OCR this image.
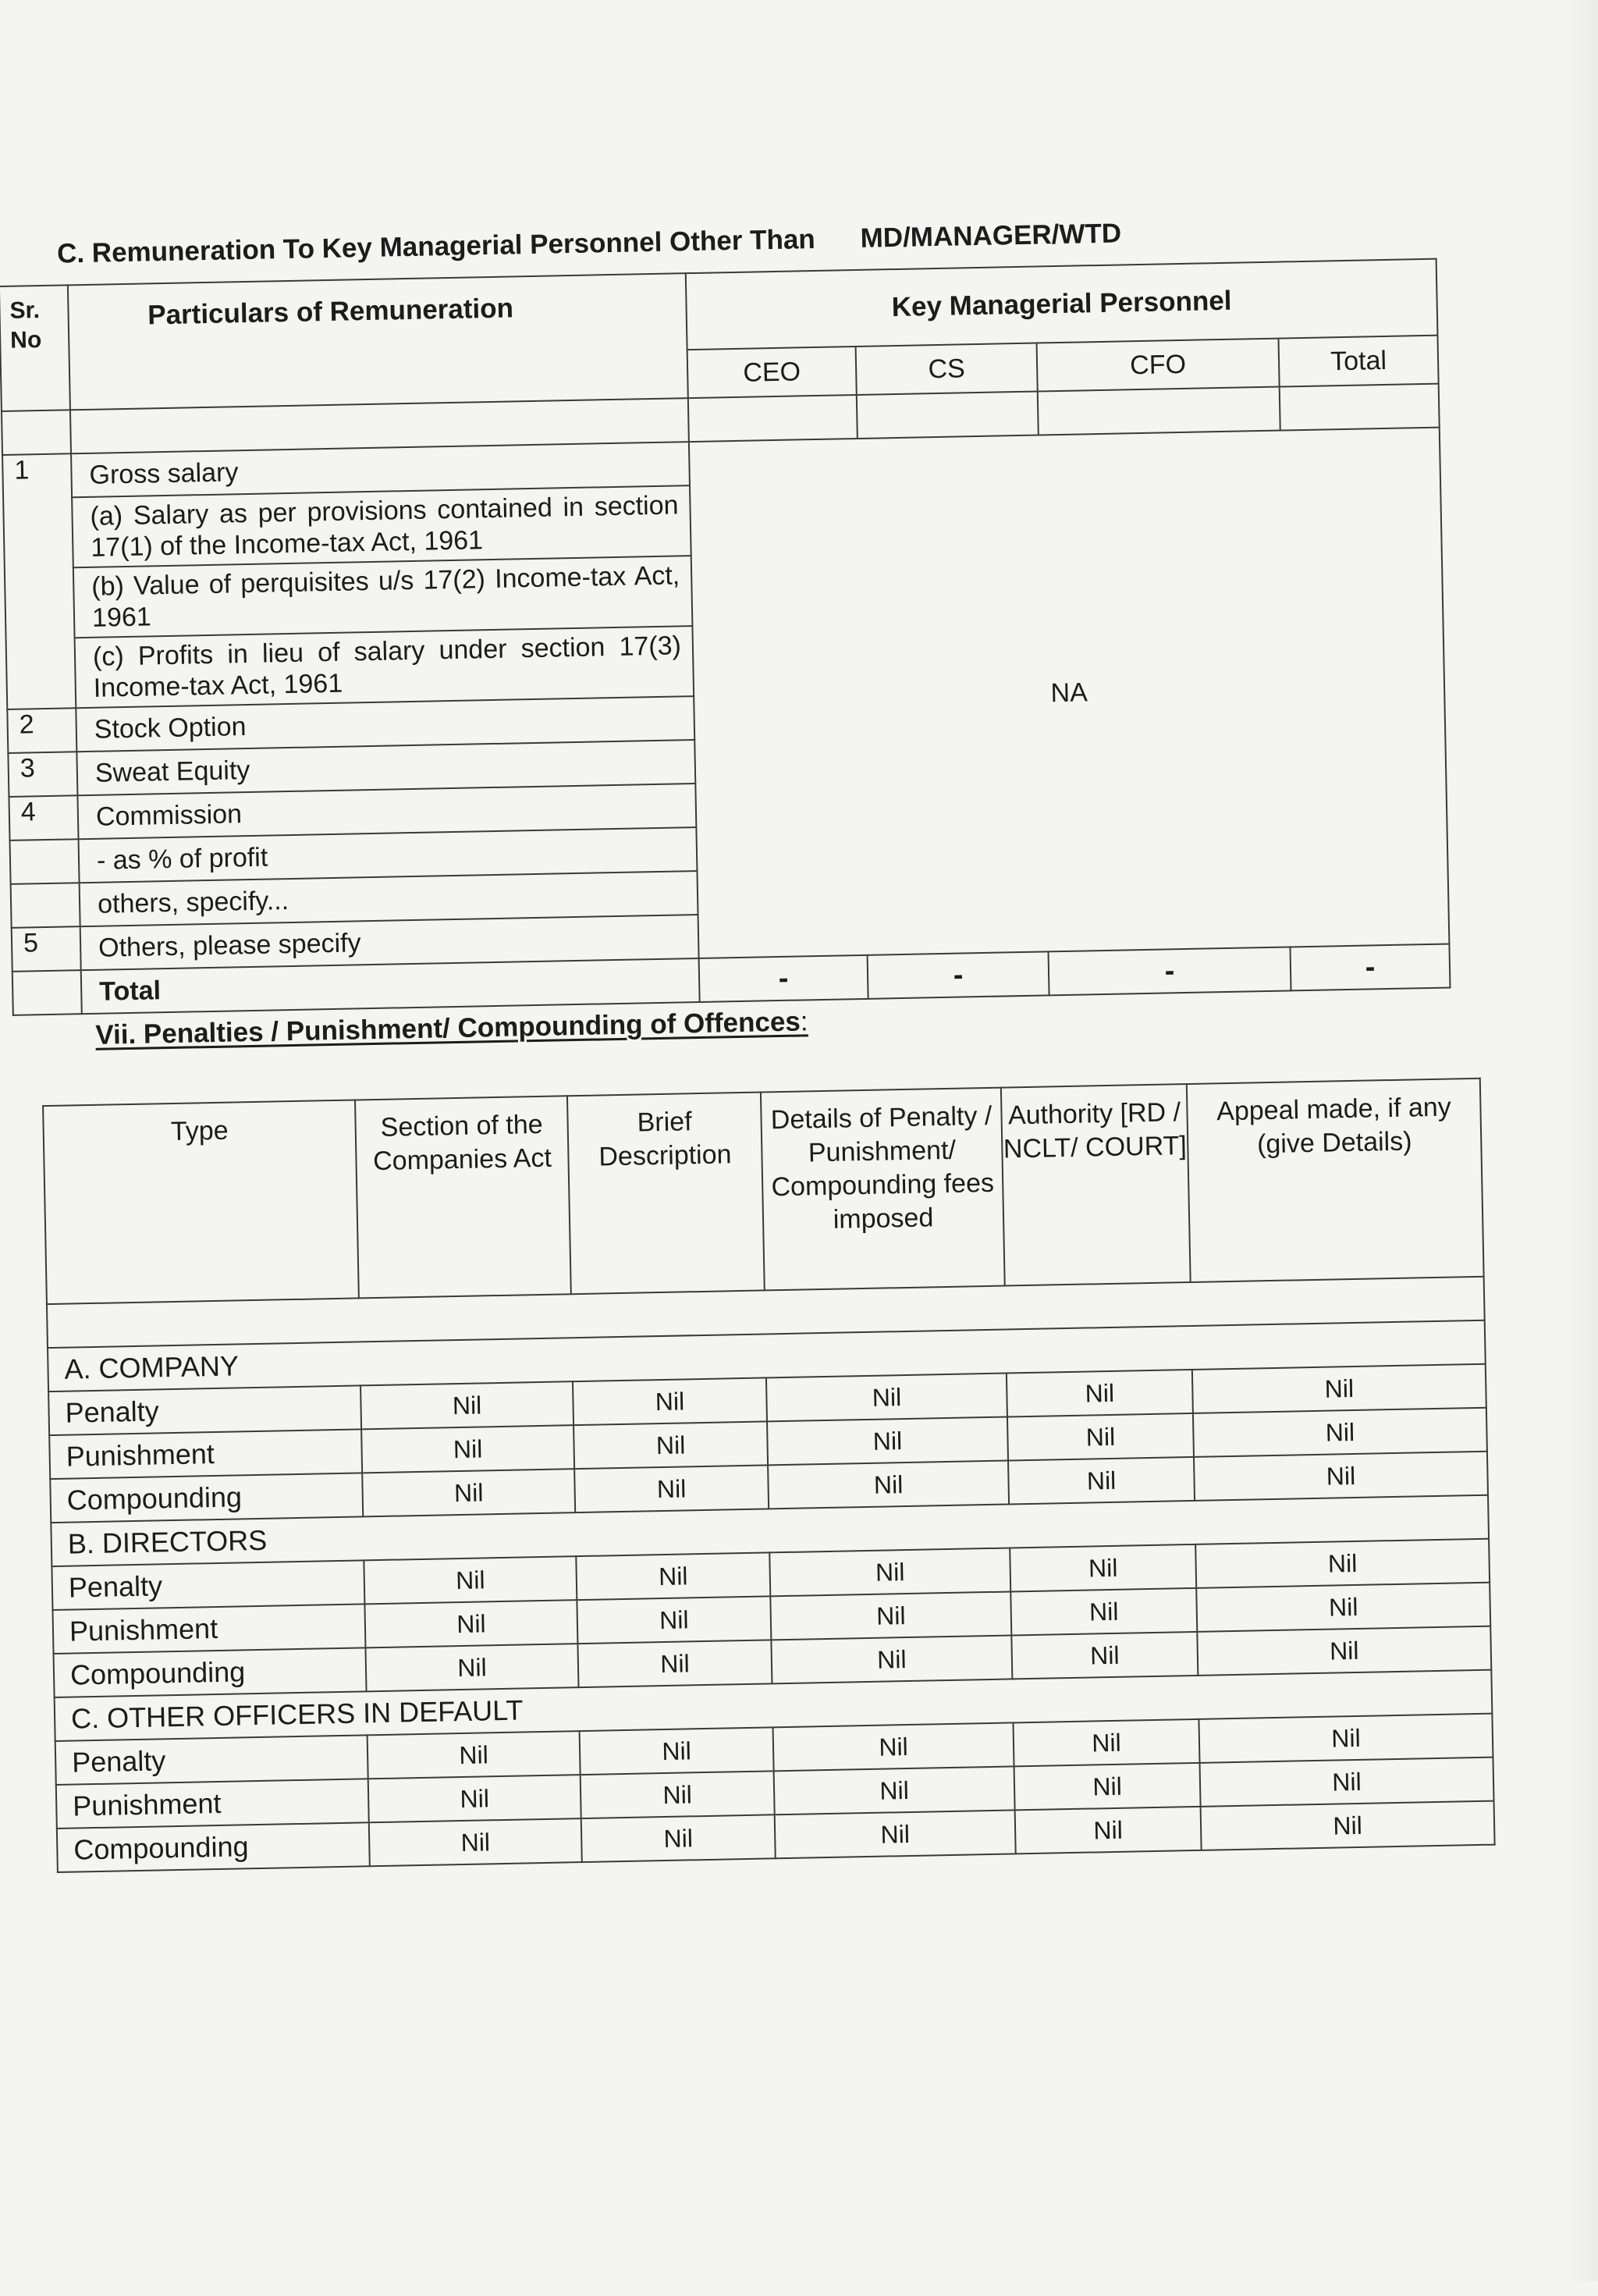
C. Remuneration To Key Managerial Personnel Other Than MD/MANAGER/WTD
Sr. No	Particulars of Remuneration	Key Managerial Personnel			
		CEO	CS	CFO	Total

1	Gross salary	NA			
	(a) Salary as per provisions contained in section 17(1) of the Income-tax Act, 1961				
	(b) Value of perquisites u/s 17(2) Income-tax Act, 1961				
	(c) Profits in lieu of salary under section 17(3) Income-tax Act, 1961				
2	Stock Option				
3	Sweat Equity				
4	Commission				
	- as % of profit				
	others, specify...				
5	Others, please specify				
	Total	-	-	-	-
Vii. Penalties / Punishment/ Compounding of Offences:
Type	Section of the Companies Act	Brief Description	Details of Penalty / Punishment/ Compounding fees imposed	Authority [RD / NCLT/ COURT]	Appeal made, if any (give Details)

A. COMPANY					
Penalty	Nil	Nil	Nil	Nil	Nil
Punishment	Nil	Nil	Nil	Nil	Nil
Compounding	Nil	Nil	Nil	Nil	Nil
B. DIRECTORS					
Penalty	Nil	Nil	Nil	Nil	Nil
Punishment	Nil	Nil	Nil	Nil	Nil
Compounding	Nil	Nil	Nil	Nil	Nil
C. OTHER OFFICERS IN DEFAULT					
Penalty	Nil	Nil	Nil	Nil	Nil
Punishment	Nil	Nil	Nil	Nil	Nil
Compounding	Nil	Nil	Nil	Nil	Nil
